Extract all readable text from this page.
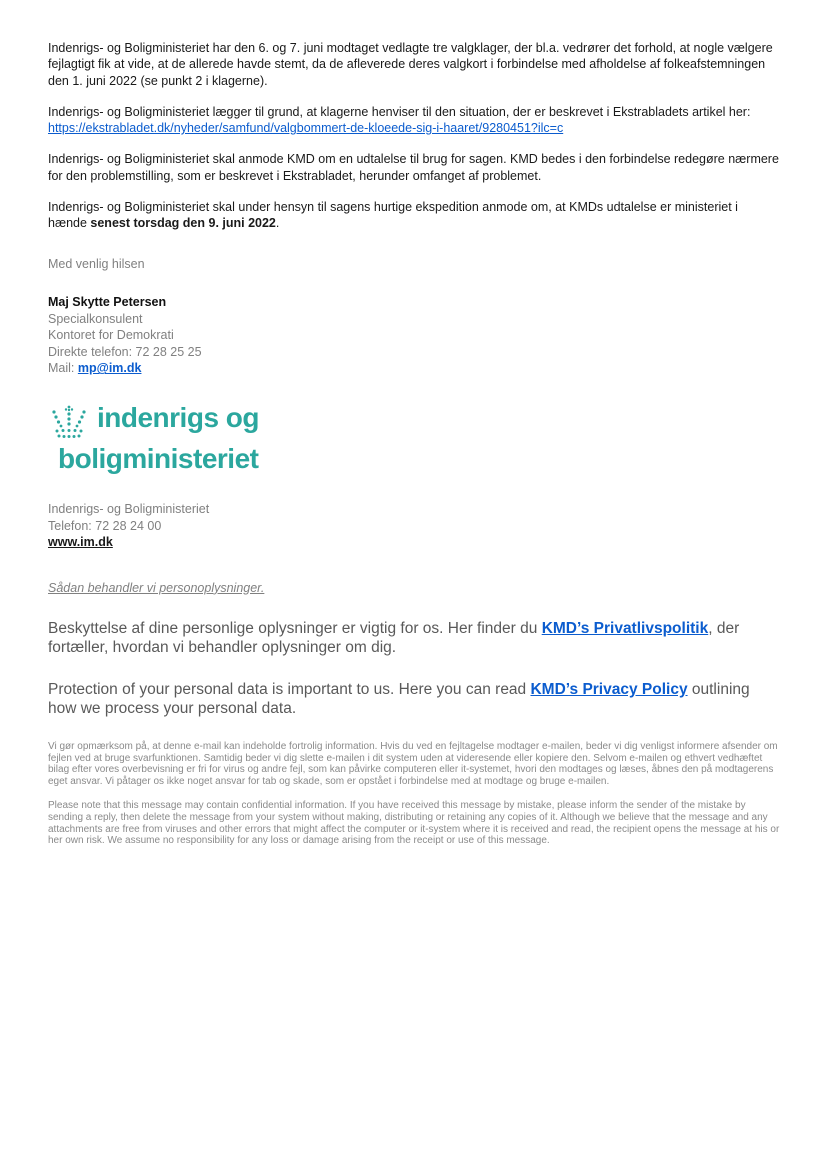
Indenrigs- og Boligministeriet har den 6. og 7. juni modtaget vedlagte tre valgklager, der bl.a. vedrører det forhold, at nogle vælgere fejlagtigt fik at vide, at de allerede havde stemt, da de afleverede deres valgkort i forbindelse med afholdelse af folkeafstemningen den 1. juni 2022 (se punkt 2 i klagerne).

Indenrigs- og Boligministeriet lægger til grund, at klagerne henviser til den situation, der er beskrevet i Ekstrabladets artikel her: https://ekstrabladet.dk/nyheder/samfund/valgbommert-de-kloeede-sig-i-haaret/9280451?ilc=c

Indenrigs- og Boligministeriet skal anmode KMD om en udtalelse til brug for sagen. KMD bedes i den forbindelse redegøre nærmere for den problemstilling, som er beskrevet i Ekstrabladet, herunder omfanget af problemet.

Indenrigs- og Boligministeriet skal under hensyn til sagens hurtige ekspedition anmode om, at KMDs udtalelse er ministeriet i hænde senest torsdag den 9. juni 2022.

Med venlig hilsen

Maj Skytte Petersen

Specialkonsulent

Kontoret for Demokrati

Direkte telefon: 72 28 25 25

Mail: mp@im.dk

indenrigs og
boligministeriet

Indenrigs- og Boligministeriet

Telefon: 72 28 24 00

www.im.dk

Sådan behandler vi personoplysninger.

Beskyttelse af dine personlige oplysninger er vigtig for os. Her finder du KMD’s Privatlivspolitik, der fortæller, hvordan vi behandler oplysninger om dig.

Protection of your personal data is important to us. Here you can read KMD’s Privacy Policy outlining how we process your personal data.

Vi gør opmærksom på, at denne e-mail kan indeholde fortrolig information. Hvis du ved en fejltagelse modtager e-mailen, beder vi dig venligst informere afsender om fejlen ved at bruge svarfunktionen. Samtidig beder vi dig slette e-mailen i dit system uden at videresende eller kopiere den. Selvom e-mailen og ethvert vedhæftet bilag efter vores overbevisning er fri for virus og andre fejl, som kan påvirke computeren eller it-systemet, hvori den modtages og læses, åbnes den på modtagerens eget ansvar. Vi påtager os ikke noget ansvar for tab og skade, som er opstået i forbindelse med at modtage og bruge e-mailen.

Please note that this message may contain confidential information. If you have received this message by mistake, please inform the sender of the mistake by sending a reply, then delete the message from your system without making, distributing or retaining any copies of it. Although we believe that the message and any attachments are free from viruses and other errors that might affect the computer or it-system where it is received and read, the recipient opens the message at his or her own risk. We assume no responsibility for any loss or damage arising from the receipt or use of this message.
